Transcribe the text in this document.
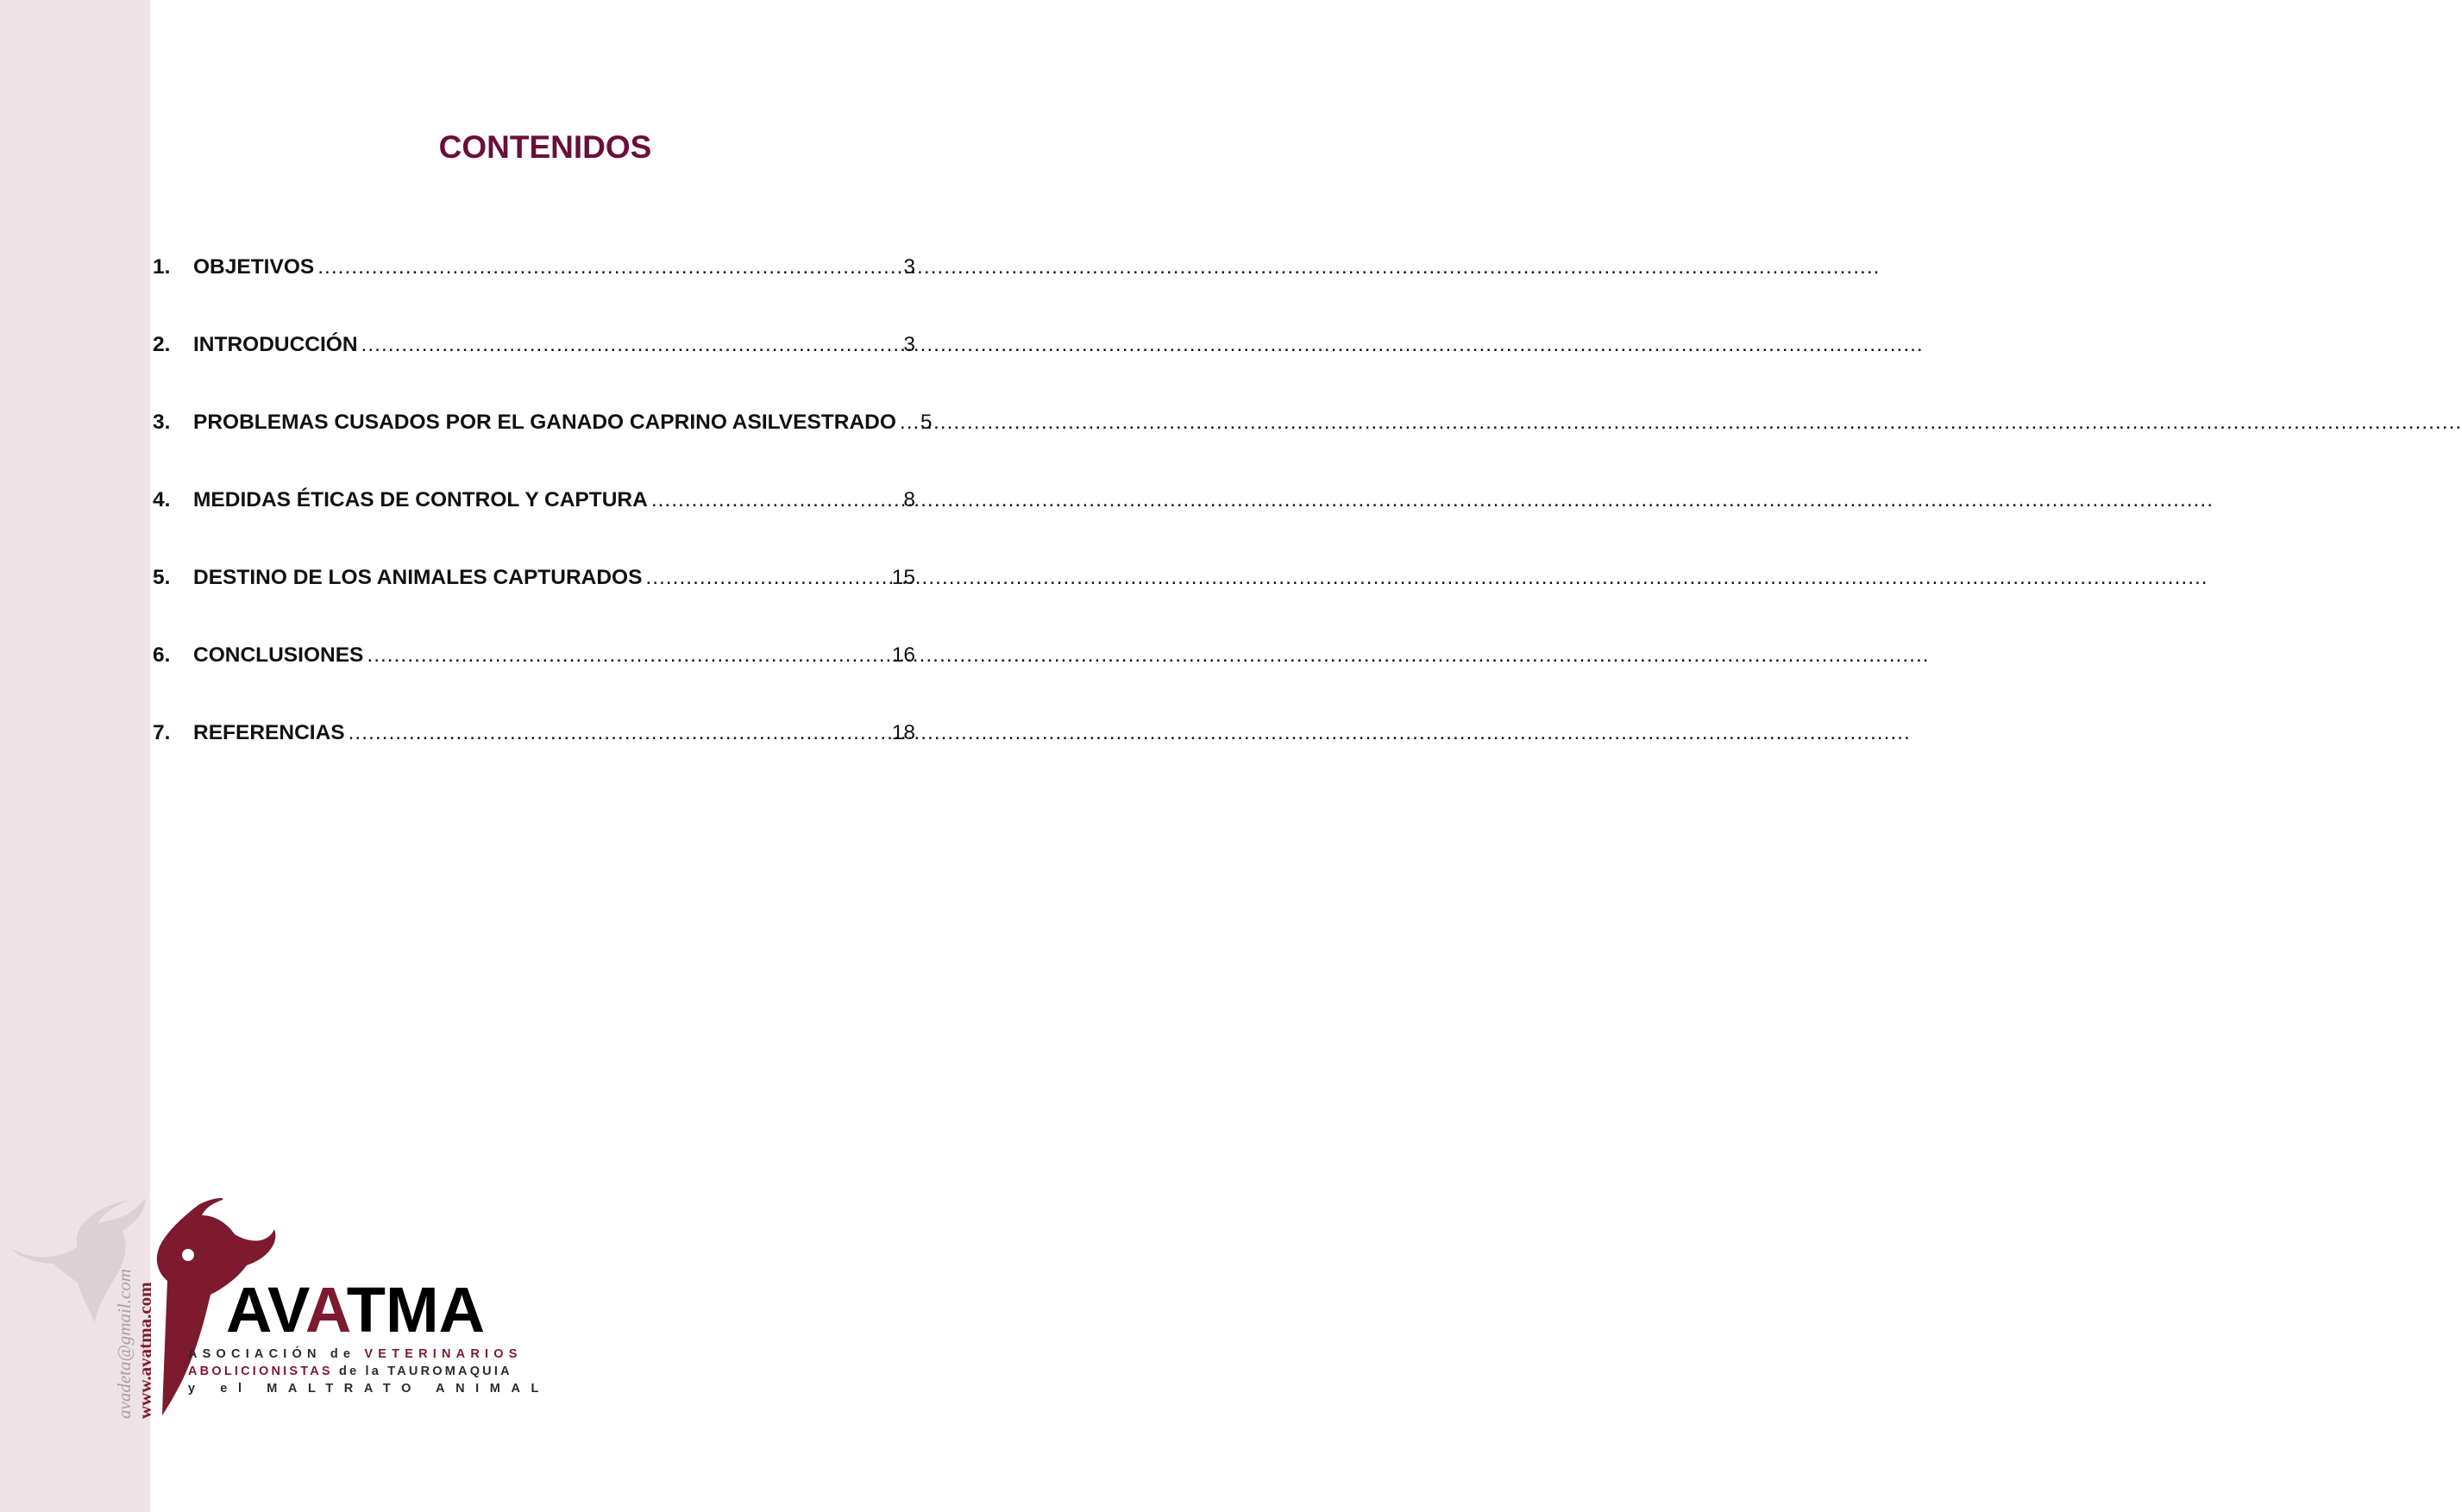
CONTENIDOS
1.	OBJETIVOS .....	3
2.	INTRODUCCIÓN .....	3
3.	PROBLEMAS CUSADOS POR EL GANADO CAPRINO ASILVESTRADO ..... 5
4.	MEDIDAS ÉTICAS DE CONTROL Y CAPTURA .....	8
5.	DESTINO DE LOS ANIMALES CAPTURADOS .....	15
6.	CONCLUSIONES .....	16
7.	REFERENCIAS .....	18
avadeta@gmail.com www.avatma.com AVATMA
ASOCIACIÓN de VETERINARIOS
ABOLICIONISTAS de la TAUROMAQUIA
y el MALTRATO ANIMAL
